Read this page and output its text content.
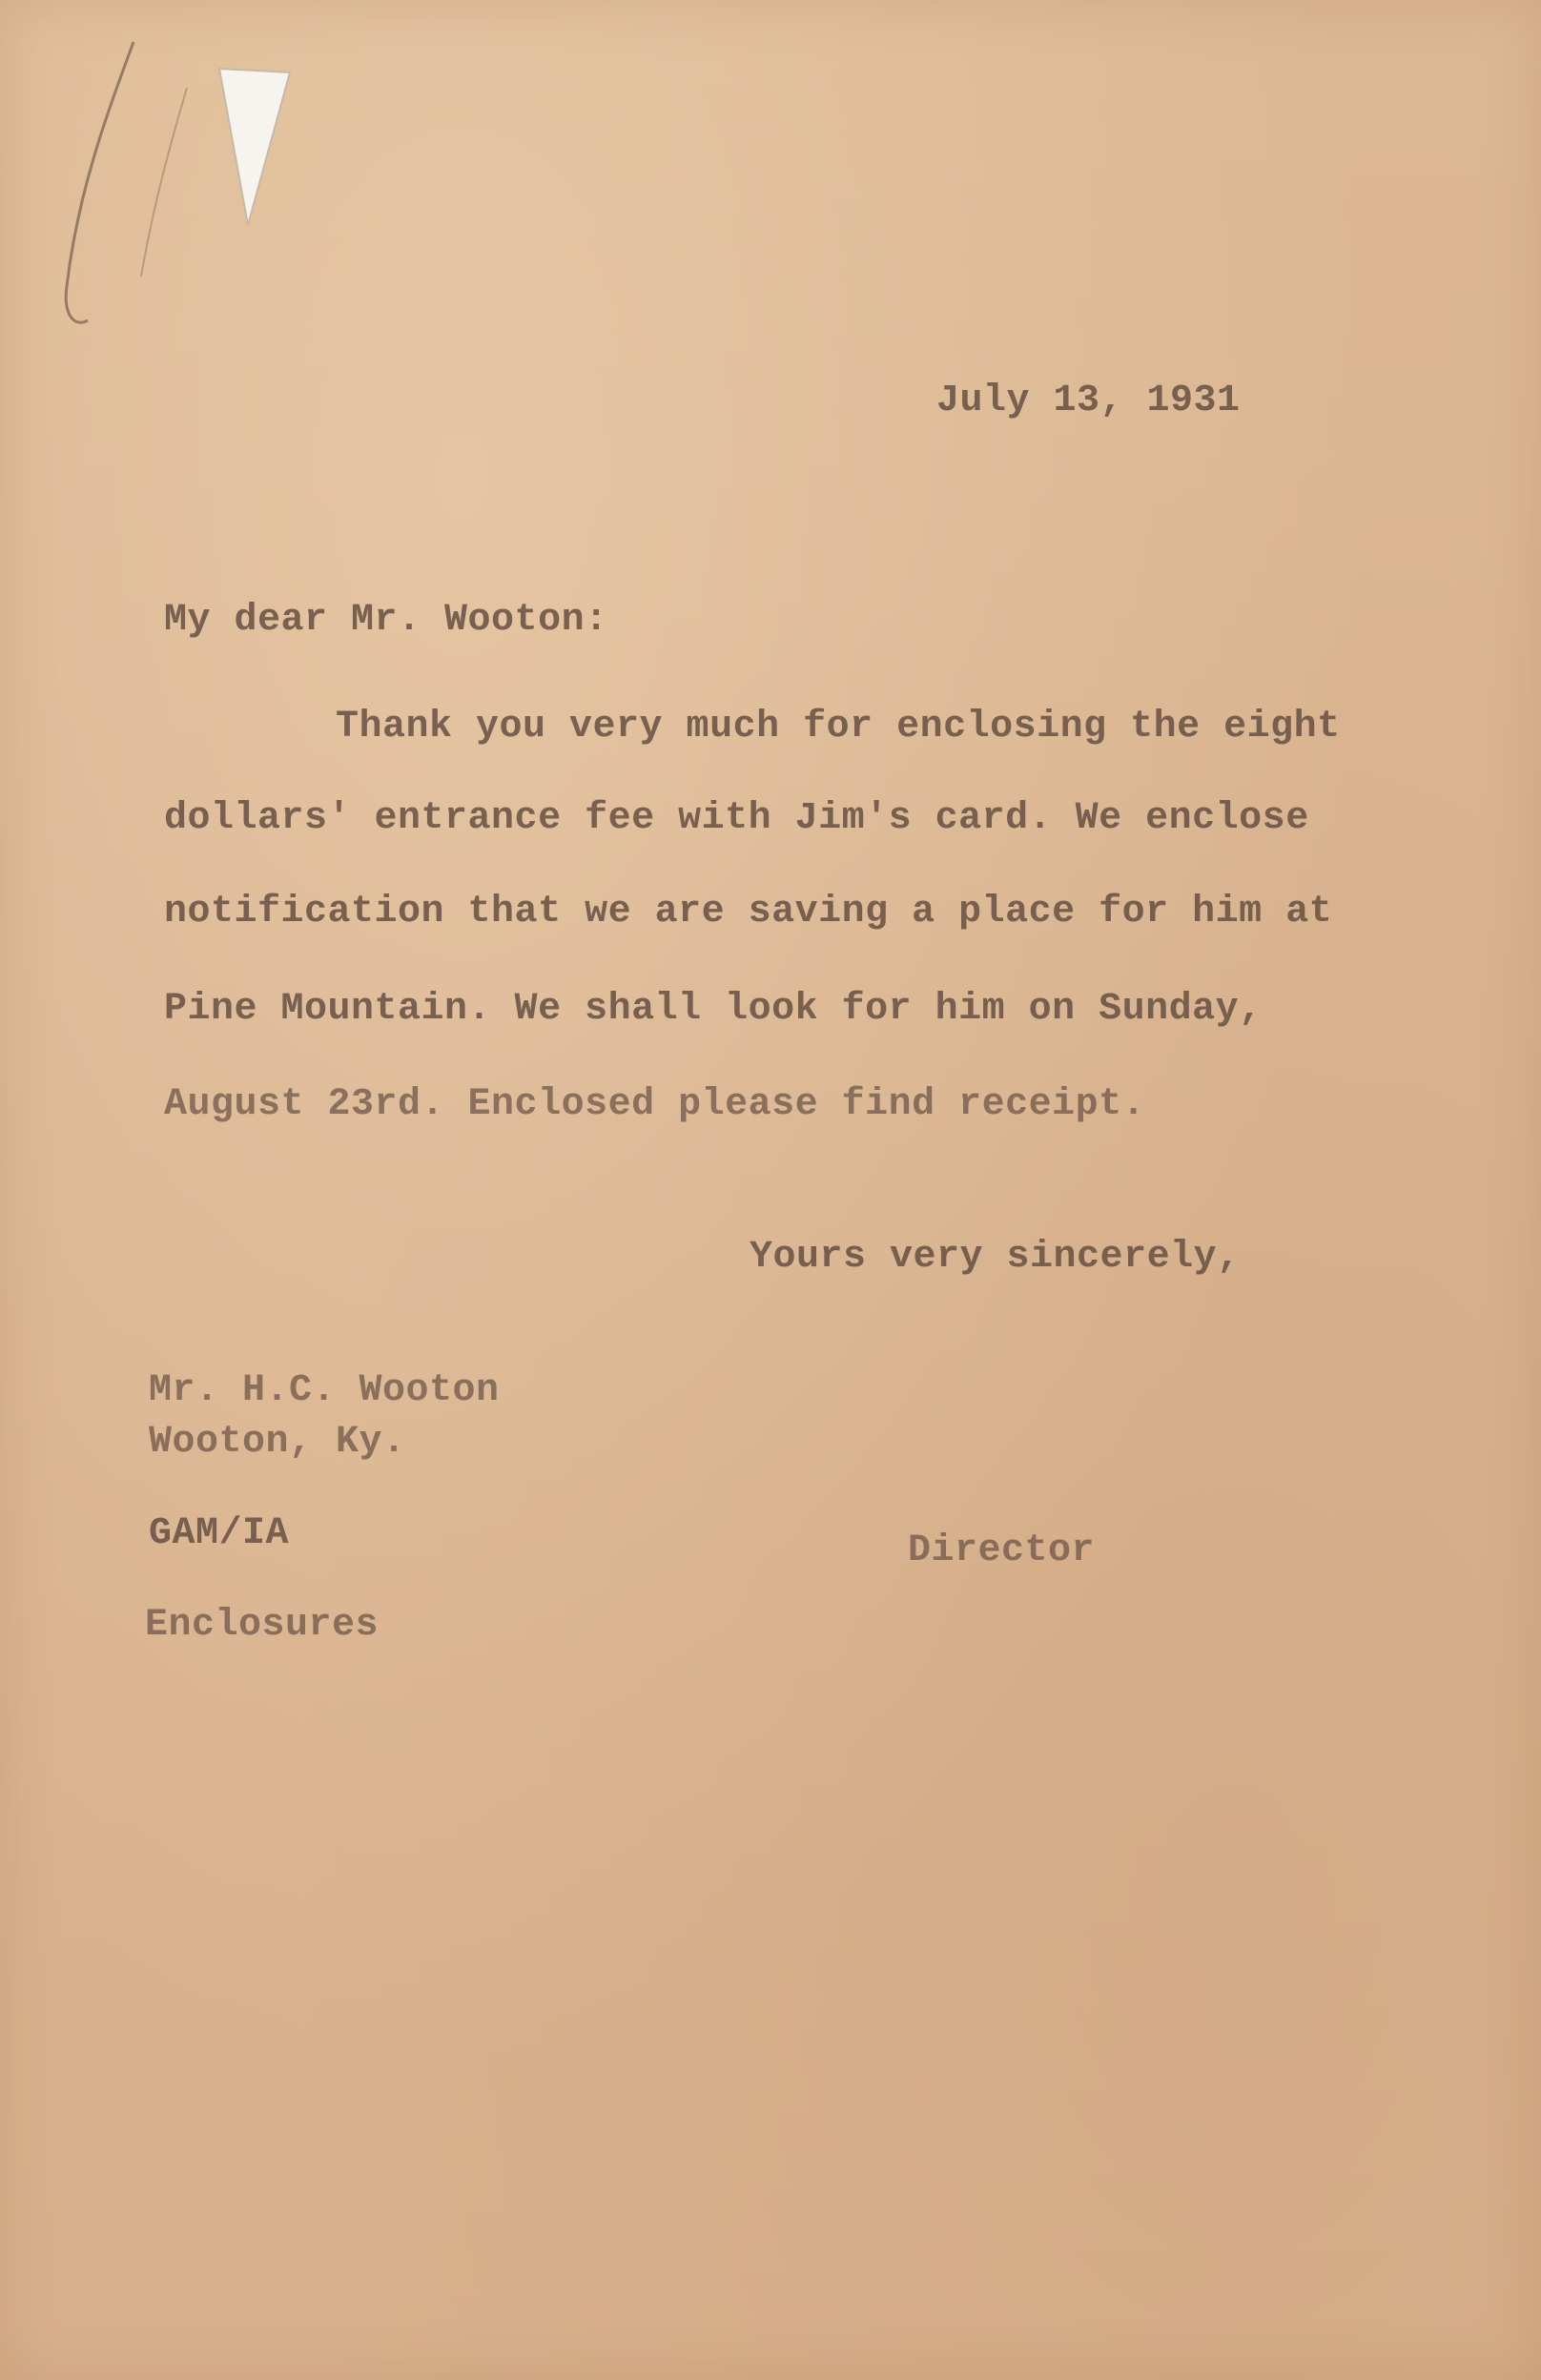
July 13, 1931
My dear Mr. Wooton:
Thank you very much for enclosing the eight
dollars' entrance fee with Jim's card. We enclose
notification that we are saving a place for him at
Pine Mountain. We shall look for him on Sunday,
August 23rd. Enclosed please find receipt.
Yours very sincerely,
Mr. H.C. Wooton
Wooton, Ky.
GAM/IA	Director
Enclosures
